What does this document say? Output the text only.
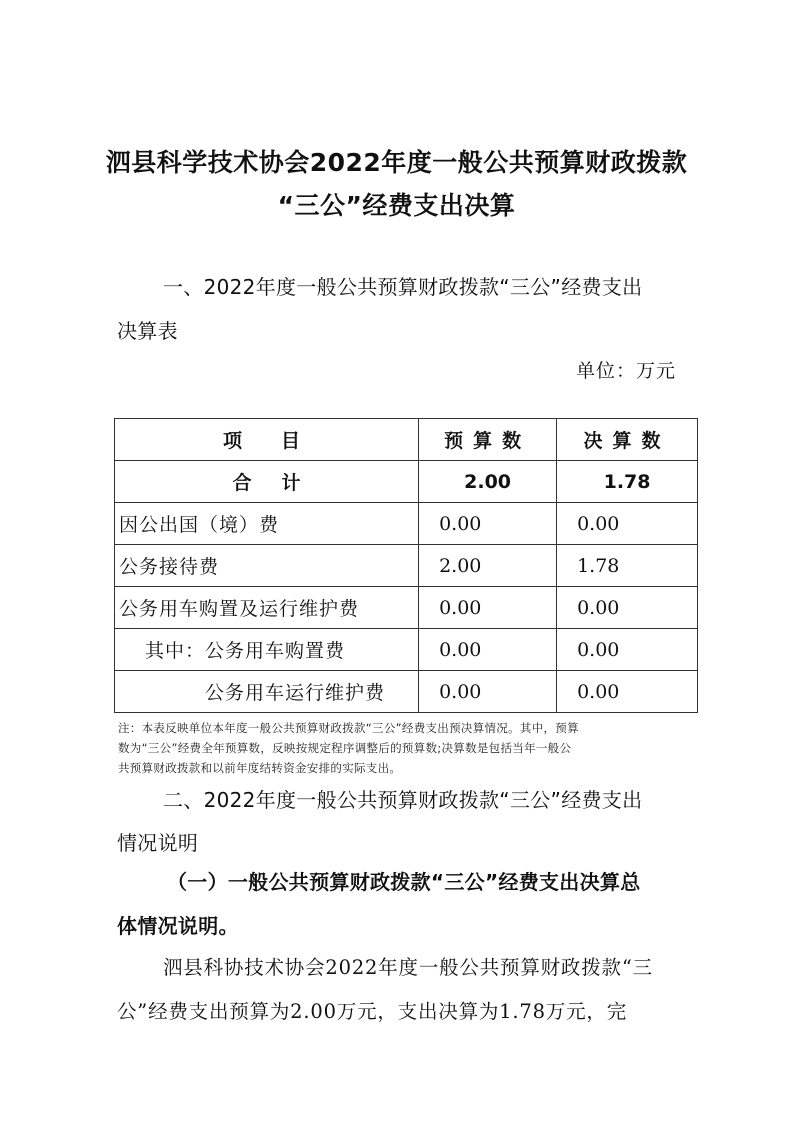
泗县科学技术协会2022年度一般公共预算财政拨款
“三公”经费支出决算
一、2022年度一般公共预算财政拨款“三公”经费支出
决算表
单位：万元
项　目	预算数	决算数
合计	2.00	1.78
因公出国（境）费	0.00	0.00
公务接待费	2.00	1.78
公务用车购置及运行维护费	0.00	0.00
其中：公务用车购置费	0.00	0.00
公务用车运行维护费	0.00	0.00
注：本表反映单位本年度一般公共预算财政拨款“三公”经费支出预决算情况。其中，预算
数为“三公”经费全年预算数，反映按规定程序调整后的预算数;决算数是包括当年一般公
共预算财政拨款和以前年度结转资金安排的实际支出。
二、2022年度一般公共预算财政拨款“三公”经费支出
情况说明
（一）一般公共预算财政拨款“三公”经费支出决算总
体情况说明。
泗县科协技术协会2022年度一般公共预算财政拨款“三
公”经费支出预算为2.00万元，支出决算为1.78万元，完
